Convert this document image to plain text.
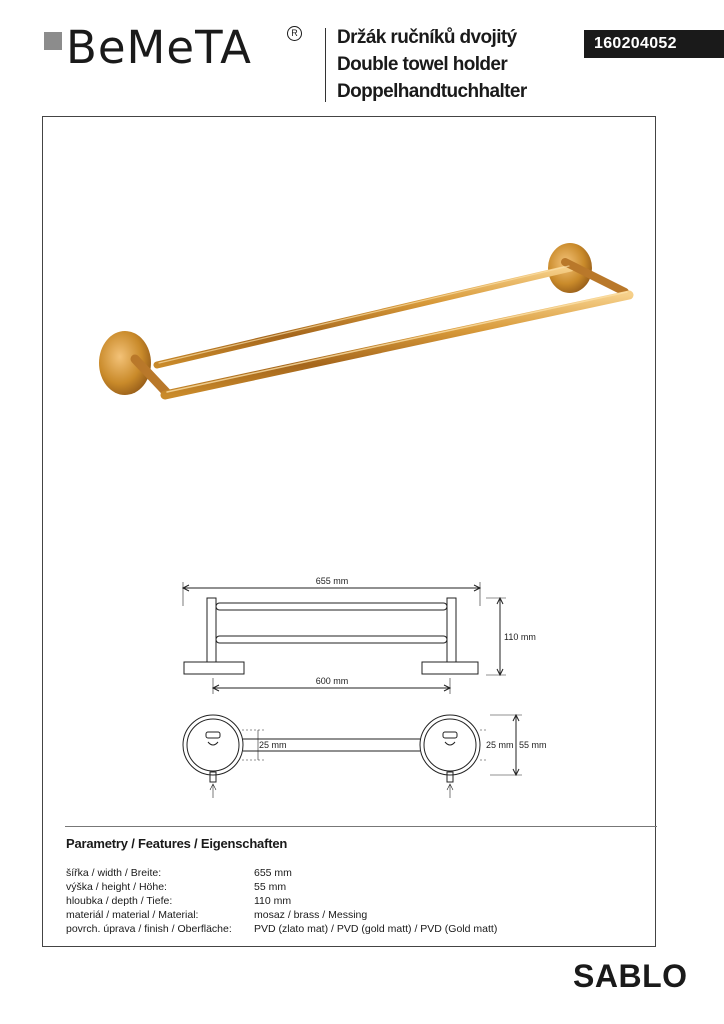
BeMeTA	R Držák ručníků dvojitý
Double towel holder
Doppelhandtuchhalter
160204052
655 mm
110 mm
600 mm
25 mm	25 mm 55 mm
Parametry / Features / Eigenschaften
šířka / width / Breite:	655 mm
výška / height / Höhe:	55 mm
hloubka / depth / Tiefe:	110 mm
materiál / material / Material:	mosaz / brass / Messing
povrch. úprava / finish / Oberfläche: PVD (zlato mat) / PVD (gold matt) / PVD (Gold matt)
SABLO
